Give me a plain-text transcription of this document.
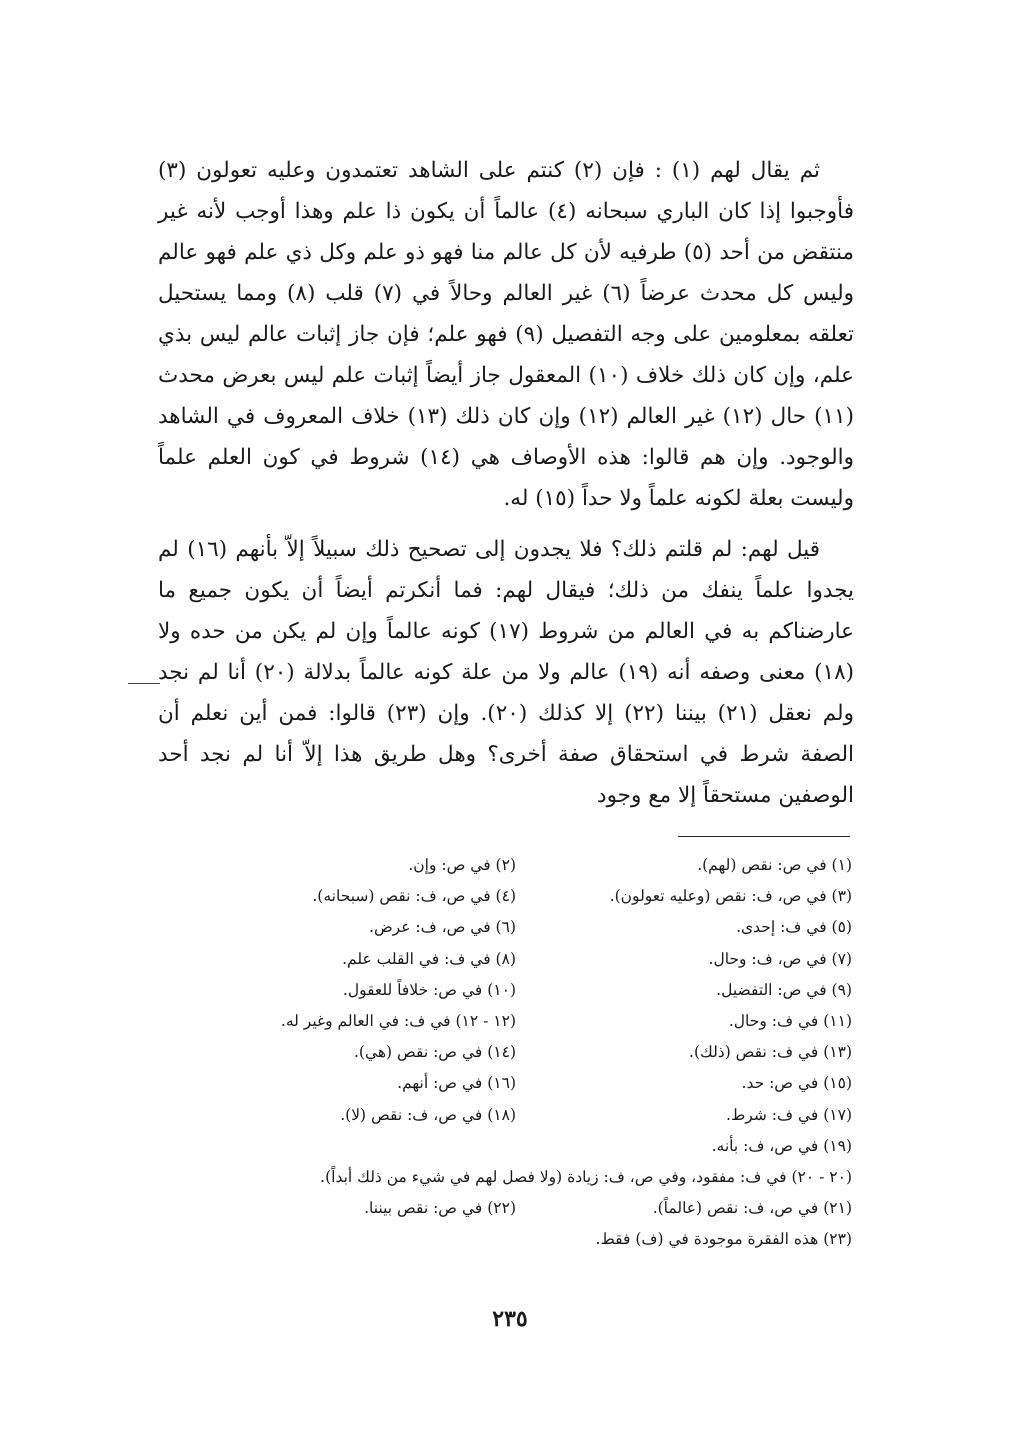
ثم يقال لهم (١) : فإن (٢) كنتم على الشاهد تعتمدون وعليه تعولون (٣) فأوجبوا إذا كان الباري سبحانه (٤) عالماً أن يكون ذا علم وهذا أوجب لأنه غير منتقض من أحد (٥) طرفيه لأن كل عالم منا فهو ذو علم وكل ذي علم فهو عالم وليس كل محدث عرضاً (٦) غير العالم وحالاً في (٧) قلب (٨) ومما يستحيل تعلقه بمعلومين على وجه التفصيل (٩) فهو علم؛ فإن جاز إثبات عالم ليس بذي علم، وإن كان ذلك خلاف (١٠) المعقول جاز أيضاً إثبات علم ليس بعرض محدث (١١) حال (١٢) غير العالم (١٢) وإن كان ذلك (١٣) خلاف المعروف في الشاهد والوجود. وإن هم قالوا: هذه الأوصاف هي (١٤) شروط في كون العلم علماً وليست بعلة لكونه علماً ولا حداً (١٥) له.

قيل لهم: لم قلتم ذلك؟ فلا يجدون إلى تصحيح ذلك سبيلاً إلاّ بأنهم (١٦) لم يجدوا علماً ينفك من ذلك؛ فيقال لهم: فما أنكرتم أيضاً أن يكون جميع ما عارضناكم به في العالم من شروط (١٧) كونه عالماً وإن لم يكن من حده ولا (١٨) معنى وصفه أنه (١٩) عالم ولا من علة كونه عالماً بدلالة (٢٠) أنا لم نجد ولم نعقل (٢١) بيننا (٢٢) إلا كذلك (٢٠). وإن (٢٣) قالوا: فمن أين نعلم أن الصفة شرط في استحقاق صفة أخرى؟ وهل طريق هذا إلاّ أنا لم نجد أحد الوصفين مستحقاً إلا مع وجود

(١) في ص: نقص (لهم).
(٢) في ص: وإن.
(٣) في ص، ف: نقص (وعليه تعولون).
(٤) في ص، ف: نقص (سبحانه).
(٥) في ف: إحدى.
(٦) في ص، ف: عرض.
(٧) في ص، ف: وحال.
(٨) في ف: في القلب علم.
(٩) في ص: التفضيل.
(١٠) في ص: خلافاً للعقول.
(١١) في ف: وحال.
(١٢ - ١٢) في ف: في العالم وغير له.
(١٣) في ف: نقص (ذلك).
(١٤) في ص: نقص (هي).
(١٥) في ص: حد.
(١٦) في ص: أنهم.
(١٧) في ف: شرط.
(١٨) في ص، ف: نقص (لا).
(١٩) في ص، ف: بأنه.
(٢٠ - ٢٠) في ف: مفقود، وفي ص، ف: زيادة (ولا فصل لهم في شيء من ذلك أبداً).
(٢١) في ص، ف: نقص (عالماً).
(٢٢) في ص: نقص بيننا.
(٢٣) هذه الفقرة موجودة في (ف) فقط.
٢٣٥
